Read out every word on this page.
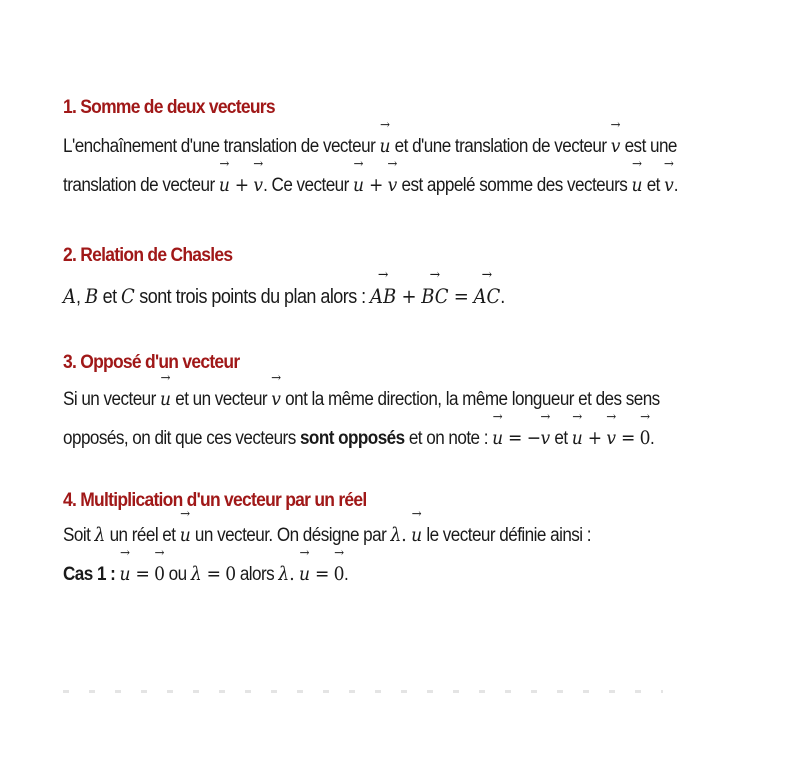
1. Somme de deux vecteurs

L'enchaînement d'une translation de vecteur → u et d'une translation de vecteur → v est une

translation de vecteur → u + → v. Ce vecteur → u + → v est appelé somme des vecteurs → u et → v.

2. Relation de Chasles

A, B et C sont trois points du plan alors : → AB + → BC = → AC.

3. Opposé d'un vecteur

Si un vecteur → u et un vecteur → v ont la même direction, la même longueur et des sens

opposés, on dit que ces vecteurs sont opposés et on note : → u = −→ v et → u + → v = → 0.

4. Multiplication d'un vecteur par un réel

Soit λ un réel et → u un vecteur. On désigne par λ. → u le vecteur définie ainsi :

Cas 1 : → u = → 0 ou λ = 0 alors λ. → u = → 0.
